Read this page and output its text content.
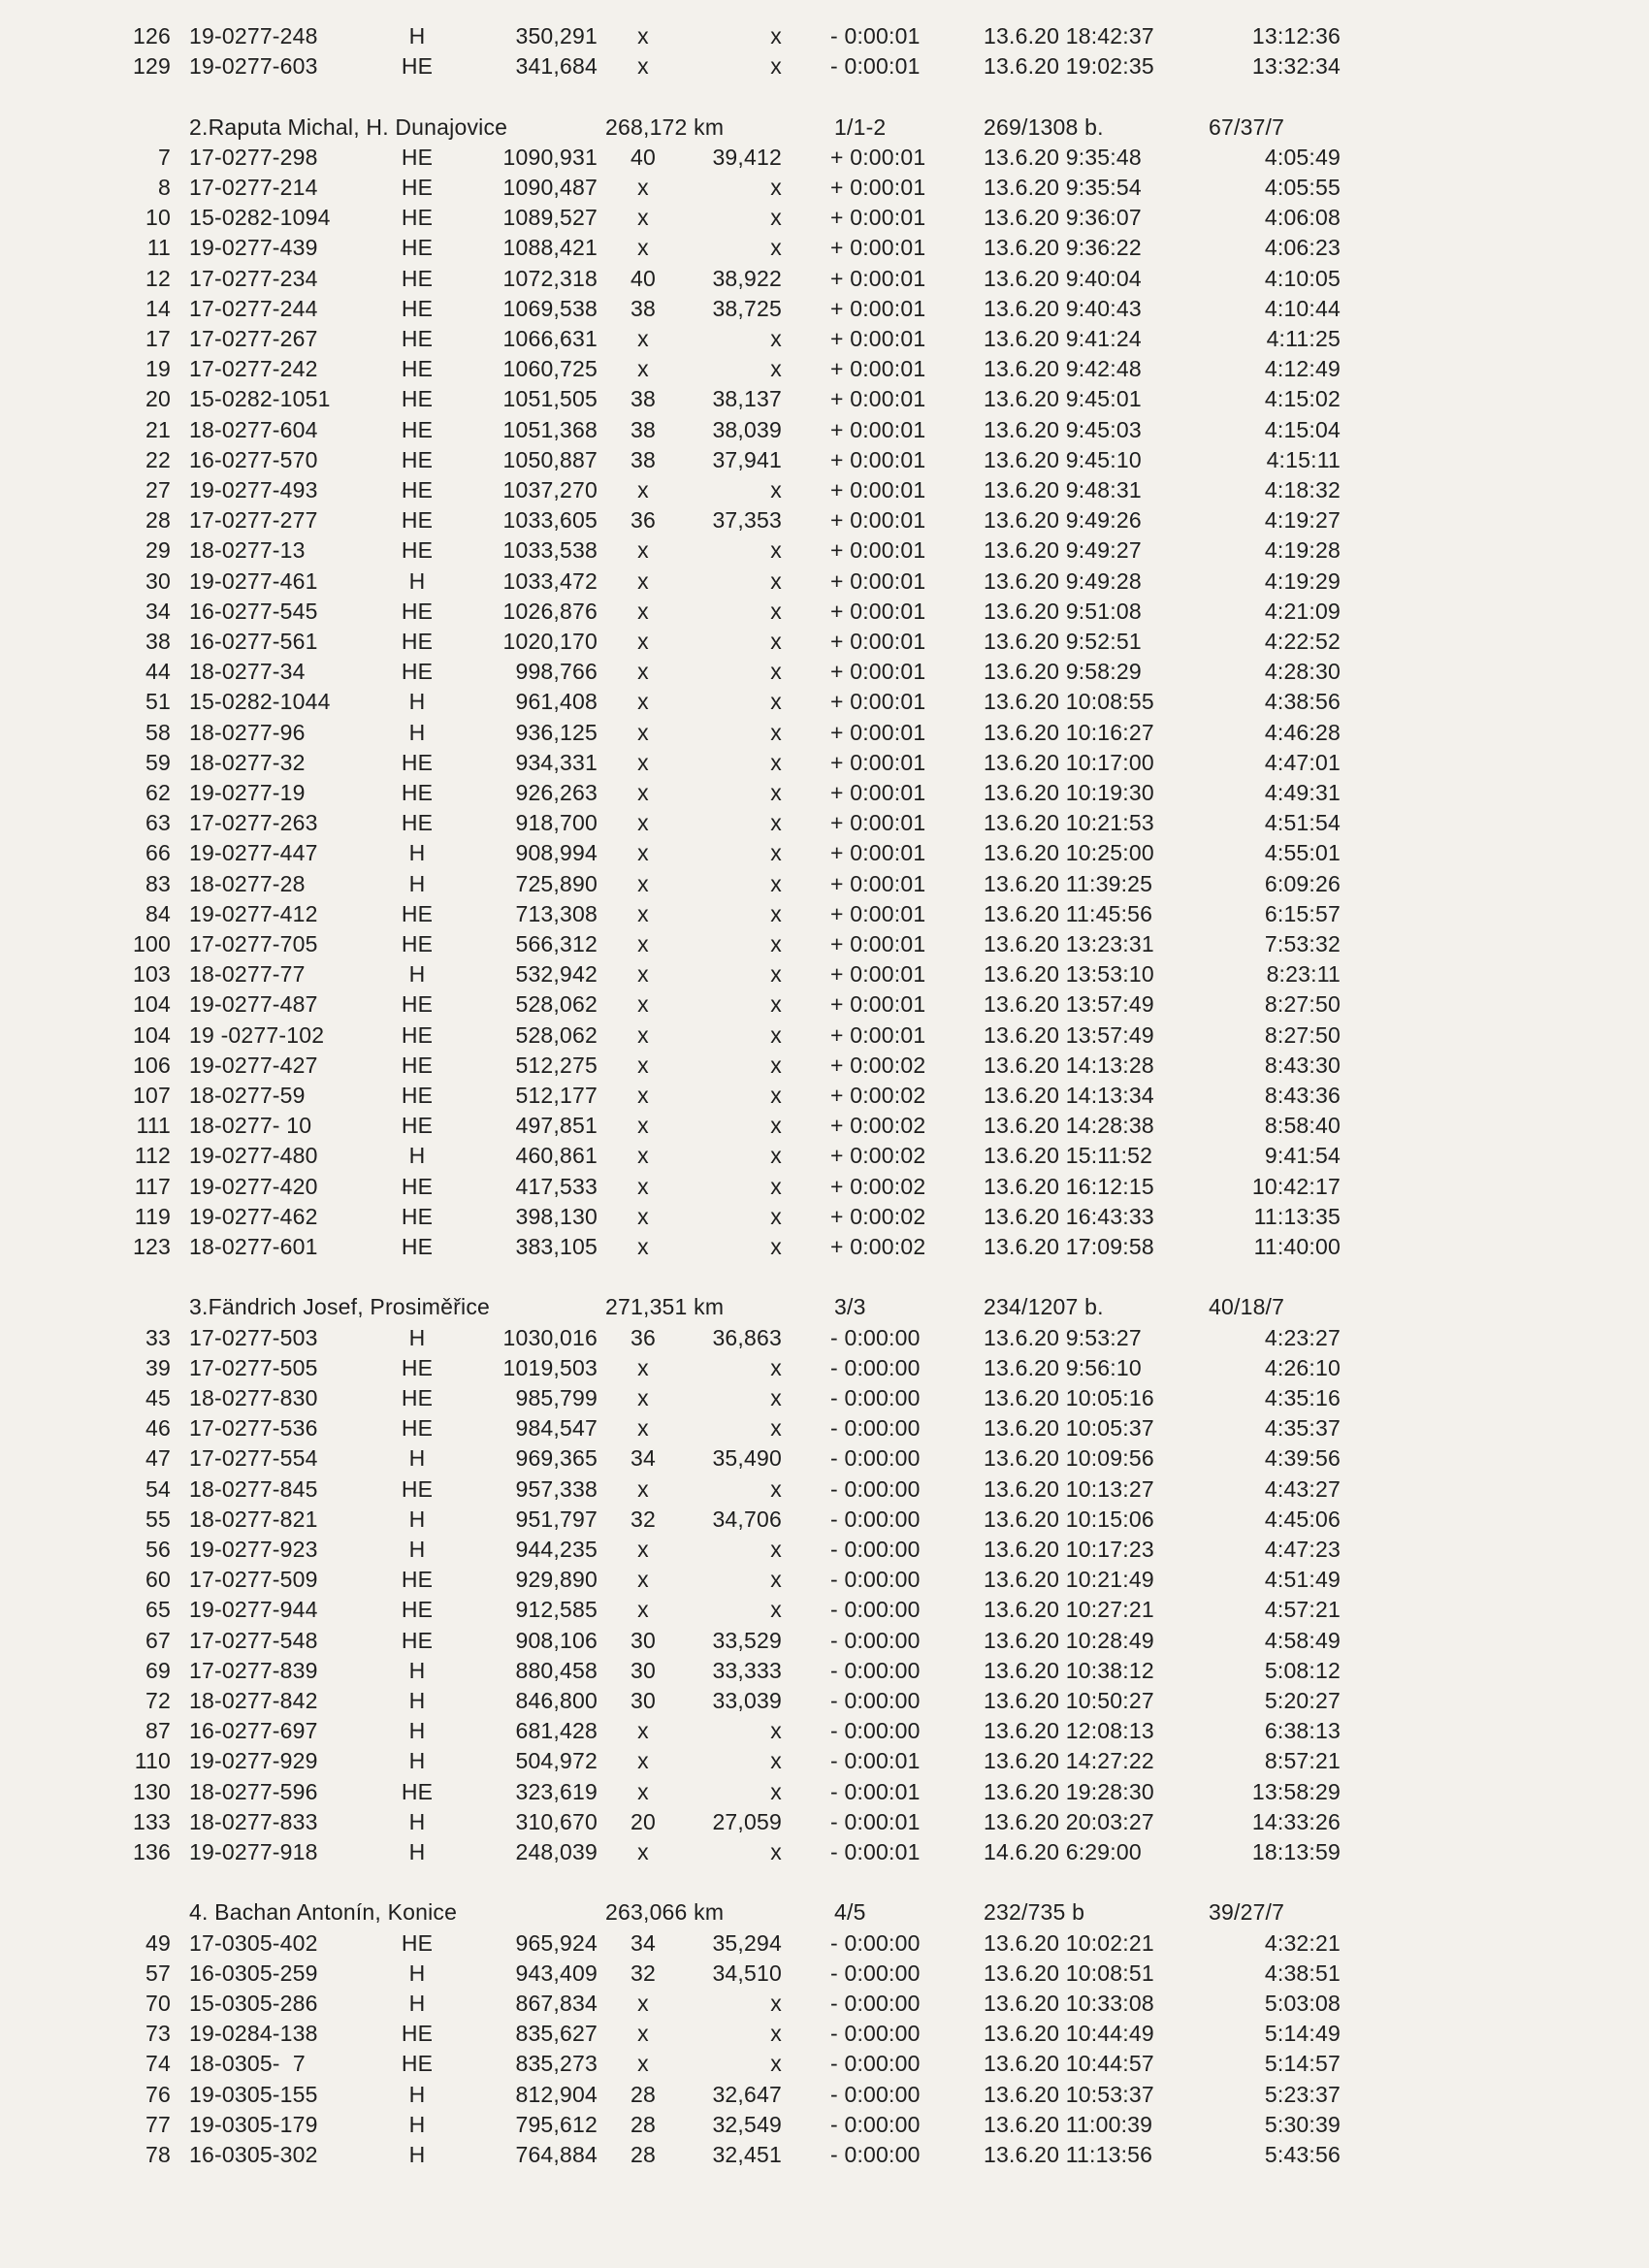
126 19-0277-248	H	350,291	x	x - 0:00:01	13.6.20 18:42:37	13:12:36
129 19-0277-603	HE	341,684	x	x - 0:00:01	13.6.20 19:02:35	13:32:34
2.Raputa Michal, H. Dunajovice	268,172 km	1/1-2	269/1308 b.	67/37/7
7 17-0277-298	HE	1090,931	40	39,412 + 0:00:01	13.6.20 9:35:48	4:05:49
8 17-0277-214	HE	1090,487	x	x + 0:00:01	13.6.20 9:35:54	4:05:55
10 15-0282-1094	HE	1089,527	x	x + 0:00:01	13.6.20 9:36:07	4:06:08
11 19-0277-439	HE	1088,421	x	x + 0:00:01	13.6.20 9:36:22	4:06:23
12 17-0277-234	HE	1072,318	40	38,922 + 0:00:01	13.6.20 9:40:04	4:10:05
14 17-0277-244	HE	1069,538	38	38,725 + 0:00:01	13.6.20 9:40:43	4:10:44
17 17-0277-267	HE	1066,631	x	x + 0:00:01	13.6.20 9:41:24	4:11:25
19 17-0277-242	HE	1060,725	x	x + 0:00:01	13.6.20 9:42:48	4:12:49
20 15-0282-1051	HE	1051,505	38	38,137 + 0:00:01	13.6.20 9:45:01	4:15:02
21 18-0277-604	HE	1051,368	38	38,039 + 0:00:01	13.6.20 9:45:03	4:15:04
22 16-0277-570	HE	1050,887	38	37,941 + 0:00:01	13.6.20 9:45:10	4:15:11
27 19-0277-493	HE	1037,270	x	x + 0:00:01	13.6.20 9:48:31	4:18:32
28 17-0277-277	HE	1033,605	36	37,353 + 0:00:01	13.6.20 9:49:26	4:19:27
29 18-0277-13	HE	1033,538	x	x + 0:00:01	13.6.20 9:49:27	4:19:28
30 19-0277-461	H	1033,472	x	x + 0:00:01	13.6.20 9:49:28	4:19:29
34 16-0277-545	HE	1026,876	x	x + 0:00:01	13.6.20 9:51:08	4:21:09
38 16-0277-561	HE	1020,170	x	x + 0:00:01	13.6.20 9:52:51	4:22:52
44 18-0277-34	HE	998,766	x	x + 0:00:01	13.6.20 9:58:29	4:28:30
51 15-0282-1044	H	961,408	x	x + 0:00:01	13.6.20 10:08:55	4:38:56
58 18-0277-96	H	936,125	x	x + 0:00:01	13.6.20 10:16:27	4:46:28
59 18-0277-32	HE	934,331	x	x + 0:00:01	13.6.20 10:17:00	4:47:01
62 19-0277-19	HE	926,263	x	x + 0:00:01	13.6.20 10:19:30	4:49:31
63 17-0277-263	HE	918,700	x	x + 0:00:01	13.6.20 10:21:53	4:51:54
66 19-0277-447	H	908,994	x	x + 0:00:01	13.6.20 10:25:00	4:55:01
83 18-0277-28	H	725,890	x	x + 0:00:01	13.6.20 11:39:25	6:09:26
84 19-0277-412	HE	713,308	x	x + 0:00:01	13.6.20 11:45:56	6:15:57
100 17-0277-705	HE	566,312	x	x + 0:00:01	13.6.20 13:23:31	7:53:32
103 18-0277-77	H	532,942	x	x + 0:00:01	13.6.20 13:53:10	8:23:11
104 19-0277-487	HE	528,062	x	x + 0:00:01	13.6.20 13:57:49	8:27:50
104 19 -0277-102	HE	528,062	x	x + 0:00:01	13.6.20 13:57:49	8:27:50
106 19-0277-427	HE	512,275	x	x + 0:00:02	13.6.20 14:13:28	8:43:30
107 18-0277-59	HE	512,177	x	x + 0:00:02	13.6.20 14:13:34	8:43:36
111 18-0277- 10	HE	497,851	x	x + 0:00:02	13.6.20 14:28:38	8:58:40
112 19-0277-480	H	460,861	x	x + 0:00:02	13.6.20 15:11:52	9:41:54
117 19-0277-420	HE	417,533	x	x + 0:00:02	13.6.20 16:12:15	10:42:17
119 19-0277-462	HE	398,130	x	x + 0:00:02	13.6.20 16:43:33	11:13:35
123 18-0277-601	HE	383,105	x	x + 0:00:02	13.6.20 17:09:58	11:40:00
3.Fändrich Josef, Prosiměřice	271,351 km	3/3	234/1207 b.	40/18/7
33 17-0277-503	H	1030,016	36	36,863 - 0:00:00	13.6.20 9:53:27	4:23:27
39 17-0277-505	HE	1019,503	x	x - 0:00:00	13.6.20 9:56:10	4:26:10
45 18-0277-830	HE	985,799	x	x - 0:00:00	13.6.20 10:05:16	4:35:16
46 17-0277-536	HE	984,547	x	x - 0:00:00	13.6.20 10:05:37	4:35:37
47 17-0277-554	H	969,365	34	35,490 - 0:00:00	13.6.20 10:09:56	4:39:56
54 18-0277-845	HE	957,338	x	x - 0:00:00	13.6.20 10:13:27	4:43:27
55 18-0277-821	H	951,797	32	34,706 - 0:00:00	13.6.20 10:15:06	4:45:06
56 19-0277-923	H	944,235	x	x - 0:00:00	13.6.20 10:17:23	4:47:23
60 17-0277-509	HE	929,890	x	x - 0:00:00	13.6.20 10:21:49	4:51:49
65 19-0277-944	HE	912,585	x	x - 0:00:00	13.6.20 10:27:21	4:57:21
67 17-0277-548	HE	908,106	30	33,529 - 0:00:00	13.6.20 10:28:49	4:58:49
69 17-0277-839	H	880,458	30	33,333 - 0:00:00	13.6.20 10:38:12	5:08:12
72 18-0277-842	H	846,800	30	33,039 - 0:00:00	13.6.20 10:50:27	5:20:27
87 16-0277-697	H	681,428	x	x - 0:00:00	13.6.20 12:08:13	6:38:13
110 19-0277-929	H	504,972	x	x - 0:00:01	13.6.20 14:27:22	8:57:21
130 18-0277-596	HE	323,619	x	x - 0:00:01	13.6.20 19:28:30	13:58:29
133 18-0277-833	H	310,670	20	27,059 - 0:00:01	13.6.20 20:03:27	14:33:26
136 19-0277-918	H	248,039	x	x - 0:00:01	14.6.20 6:29:00	18:13:59
4. Bachan Antonín, Konice	263,066 km	4/5	232/735 b	39/27/7
49 17-0305-402	HE	965,924	34	35,294 - 0:00:00	13.6.20 10:02:21	4:32:21
57 16-0305-259	H	943,409	32	34,510 - 0:00:00	13.6.20 10:08:51	4:38:51
70 15-0305-286	H	867,834	x	x - 0:00:00	13.6.20 10:33:08	5:03:08
73 19-0284-138	HE	835,627	x	x - 0:00:00	13.6.20 10:44:49	5:14:49
74 18-0305-  7	HE	835,273	x	x - 0:00:00	13.6.20 10:44:57	5:14:57
76 19-0305-155	H	812,904	28	32,647 - 0:00:00	13.6.20 10:53:37	5:23:37
77 19-0305-179	H	795,612	28	32,549 - 0:00:00	13.6.20 11:00:39	5:30:39
78 16-0305-302	H	764,884	28	32,451 - 0:00:00	13.6.20 11:13:56	5:43:56
